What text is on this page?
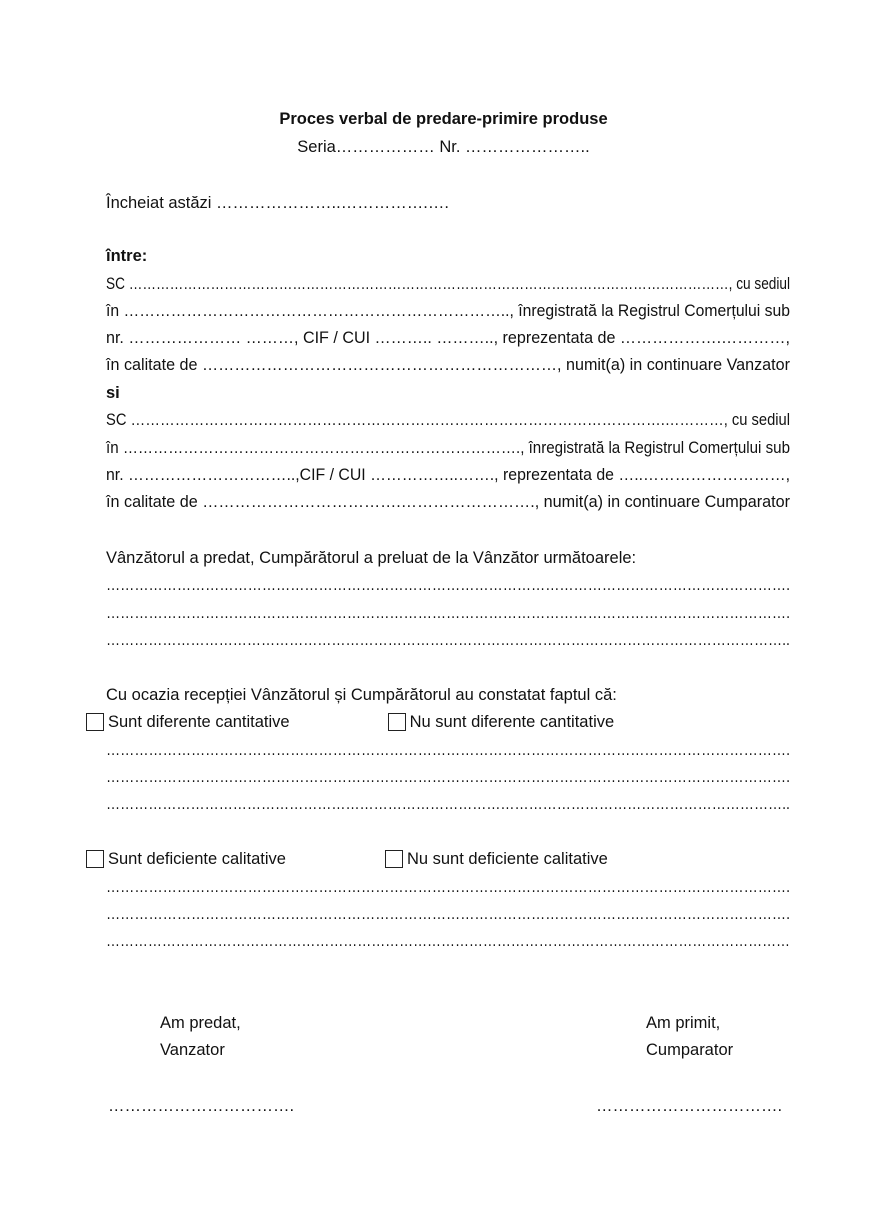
Proces verbal de predare-primire produse
Seria……………… Nr. …………………..
Încheiat astăzi …………………..…………….….
între:
SC ……………………………………………………………………………………………………………………, cu sediul
în ……………………………………………………………….., înregistrată la Registrul Comerțului sub
nr. ………………… ………, CIF / CUI ……….. ……….., reprezentata de ……………….…………,
în calitate de …………………………………………………………, numit(a) in continuare Vanzator
si
SC ……………………………………………………………………………………………….…………, cu sediul
în ……………………………………………………………………., înregistrată la Registrul Comerțului sub
nr. …………………………..,CIF / CUI ……………..……., reprezentata de …..………………………,
în calitate de ……………………………….……………………., numit(a) in continuare Cumparator
Vânzătorul a predat, Cumpărătorul a preluat de la Vânzător următoarele:
……………………………………………………………………………………………………………………………….
……………………………………………………………………………………………………………………………….
………………………………………………………………………………………………………………………………..
Cu ocazia recepției Vânzătorul și Cumpărătorul au constatat faptul că:
Sunt diferente cantitative	Nu sunt diferente cantitative
……………………………………………………………………………………………………………………………….
……………………………………………………………………………………………………………………………….
………………………………………………………………………………………………………………………………..
Sunt deficiente calitative	Nu sunt deficiente calitative
……………………………………………………………………………………………………………………………….
……………………………………………………………………………………………………………………………….
…………………………………………………………………………………………………………………………………
Am predat,
Vanzator
Am primit,
Cumparator
…………………………….	…………………………….
